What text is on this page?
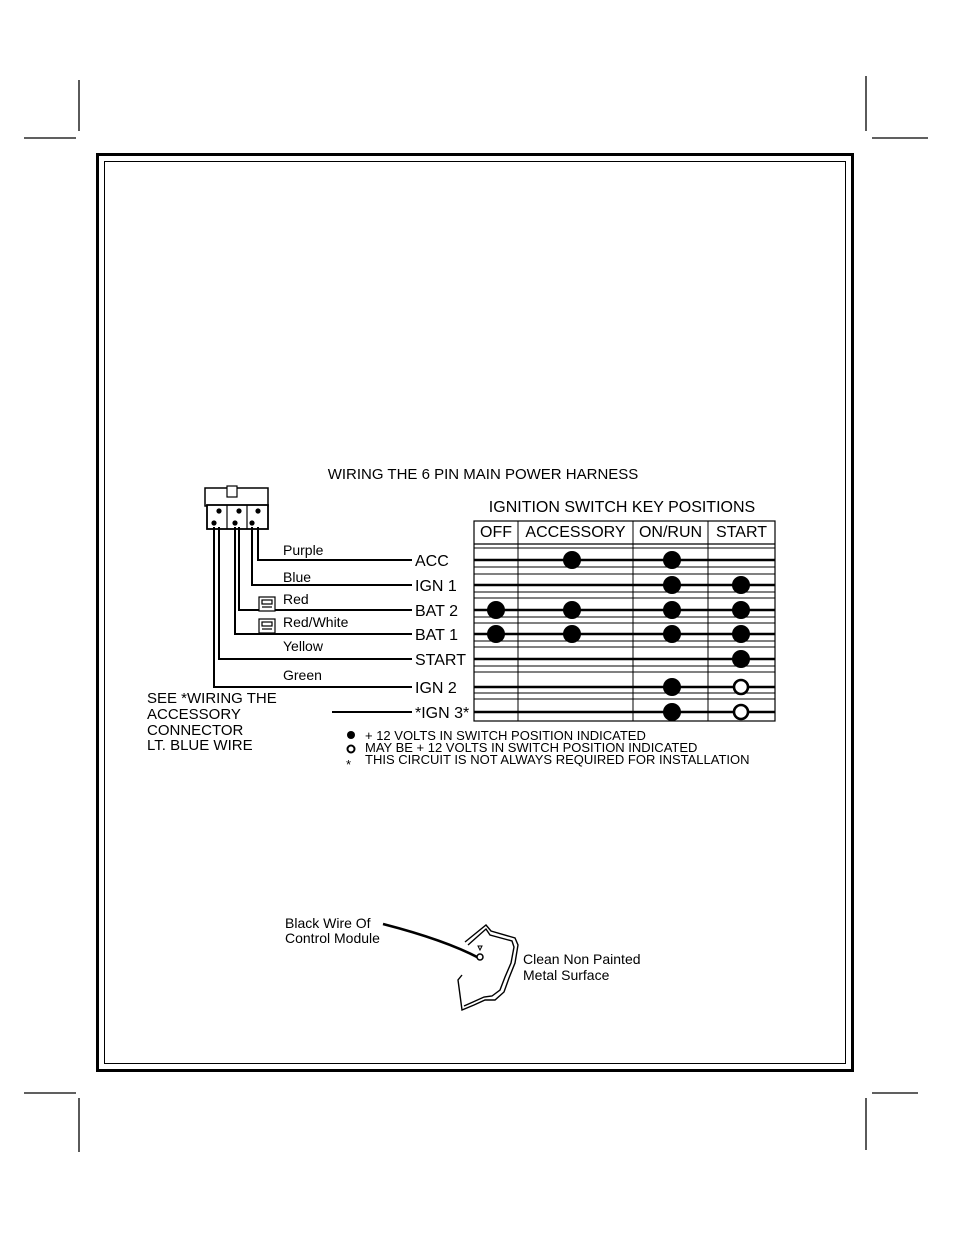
WIRING THE 6 PIN MAIN POWER HARNESS
IGNITION SWITCH KEY POSITIONS
Purple
ACC
Blue
IGN 1
Red
BAT 2
Red/White
BAT 1
Yellow
START
Green
IGN 2
*IGN 3*
OFF ACCESSORY ON/RUN START
SEE *WIRING THE
ACCESSORY
CONNECTOR
LT. BLUE WIRE
+ 12 VOLTS IN SWITCH POSITION INDICATED
MAY BE + 12 VOLTS IN SWITCH POSITION INDICATED
* THIS CIRCUIT IS NOT ALWAYS REQUIRED FOR INSTALLATION
Black Wire Of
Control Module
Clean Non Painted
Metal Surface
